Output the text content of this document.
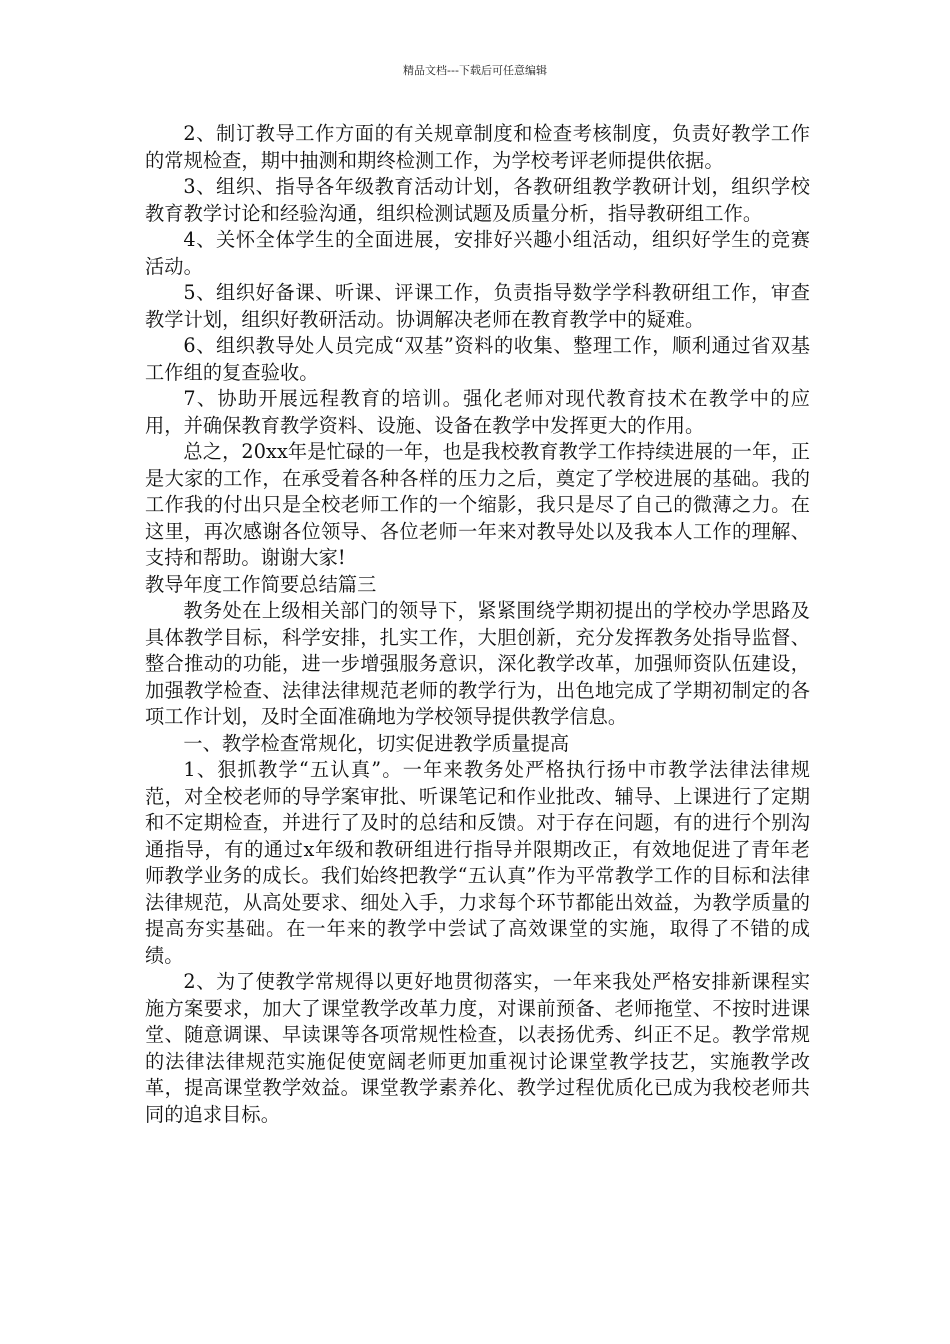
精品文档---下载后可任意编辑

2、制订教导工作方面的有关规章制度和检查考核制度，负责好教学工作的常规检查，期中抽测和期终检测工作，为学校考评老师提供依据。

3、组织、指导各年级教育活动计划，各教研组教学教研计划，组织学校教育教学讨论和经验沟通，组织检测试题及质量分析，指导教研组工作。

4、关怀全体学生的全面进展，安排好兴趣小组活动，组织好学生的竞赛活动。

5、组织好备课、听课、评课工作，负责指导数学学科教研组工作，审查教学计划，组织好教研活动。协调解决老师在教育教学中的疑难。

6、组织教导处人员完成“双基”资料的收集、整理工作，顺利通过省双基工作组的复查验收。

7、协助开展远程教育的培训。强化老师对现代教育技术在教学中的应用，并确保教育教学资料、设施、设备在教学中发挥更大的作用。

总之，20xx年是忙碌的一年，也是我校教育教学工作持续进展的一年，正是大家的工作，在承受着各种各样的压力之后，奠定了学校进展的基础。我的工作我的付出只是全校老师工作的一个缩影，我只是尽了自己的微薄之力。在这里，再次感谢各位领导、各位老师一年来对教导处以及我本人工作的理解、支持和帮助。谢谢大家!

教导年度工作简要总结篇三

教务处在上级相关部门的领导下，紧紧围绕学期初提出的学校办学思路及具体教学目标，科学安排，扎实工作，大胆创新，充分发挥教务处指导监督、整合推动的功能，进一步增强服务意识，深化教学改革，加强师资队伍建设，加强教学检查、法律法律规范老师的教学行为，出色地完成了学期初制定的各项工作计划，及时全面准确地为学校领导提供教学信息。

一、教学检查常规化，切实促进教学质量提高

1、狠抓教学“五认真”。一年来教务处严格执行扬中市教学法律法律规范，对全校老师的导学案审批、听课笔记和作业批改、辅导、上课进行了定期和不定期检查，并进行了及时的总结和反馈。对于存在问题，有的进行个别沟通指导，有的通过x年级和教研组进行指导并限期改正，有效地促进了青年老师教学业务的成长。我们始终把教学“五认真”作为平常教学工作的目标和法律法律规范，从高处要求、细处入手，力求每个环节都能出效益，为教学质量的提高夯实基础。在一年来的教学中尝试了高效课堂的实施，取得了不错的成绩。

2、为了使教学常规得以更好地贯彻落实，一年来我处严格安排新课程实施方案要求，加大了课堂教学改革力度，对课前预备、老师拖堂、不按时进课堂、随意调课、早读课等各项常规性检查，以表扬优秀、纠正不足。教学常规的法律法律规范实施促使宽阔老师更加重视讨论课堂教学技艺，实施教学改革，提高课堂教学效益。课堂教学素养化、教学过程优质化已成为我校老师共同的追求目标。
